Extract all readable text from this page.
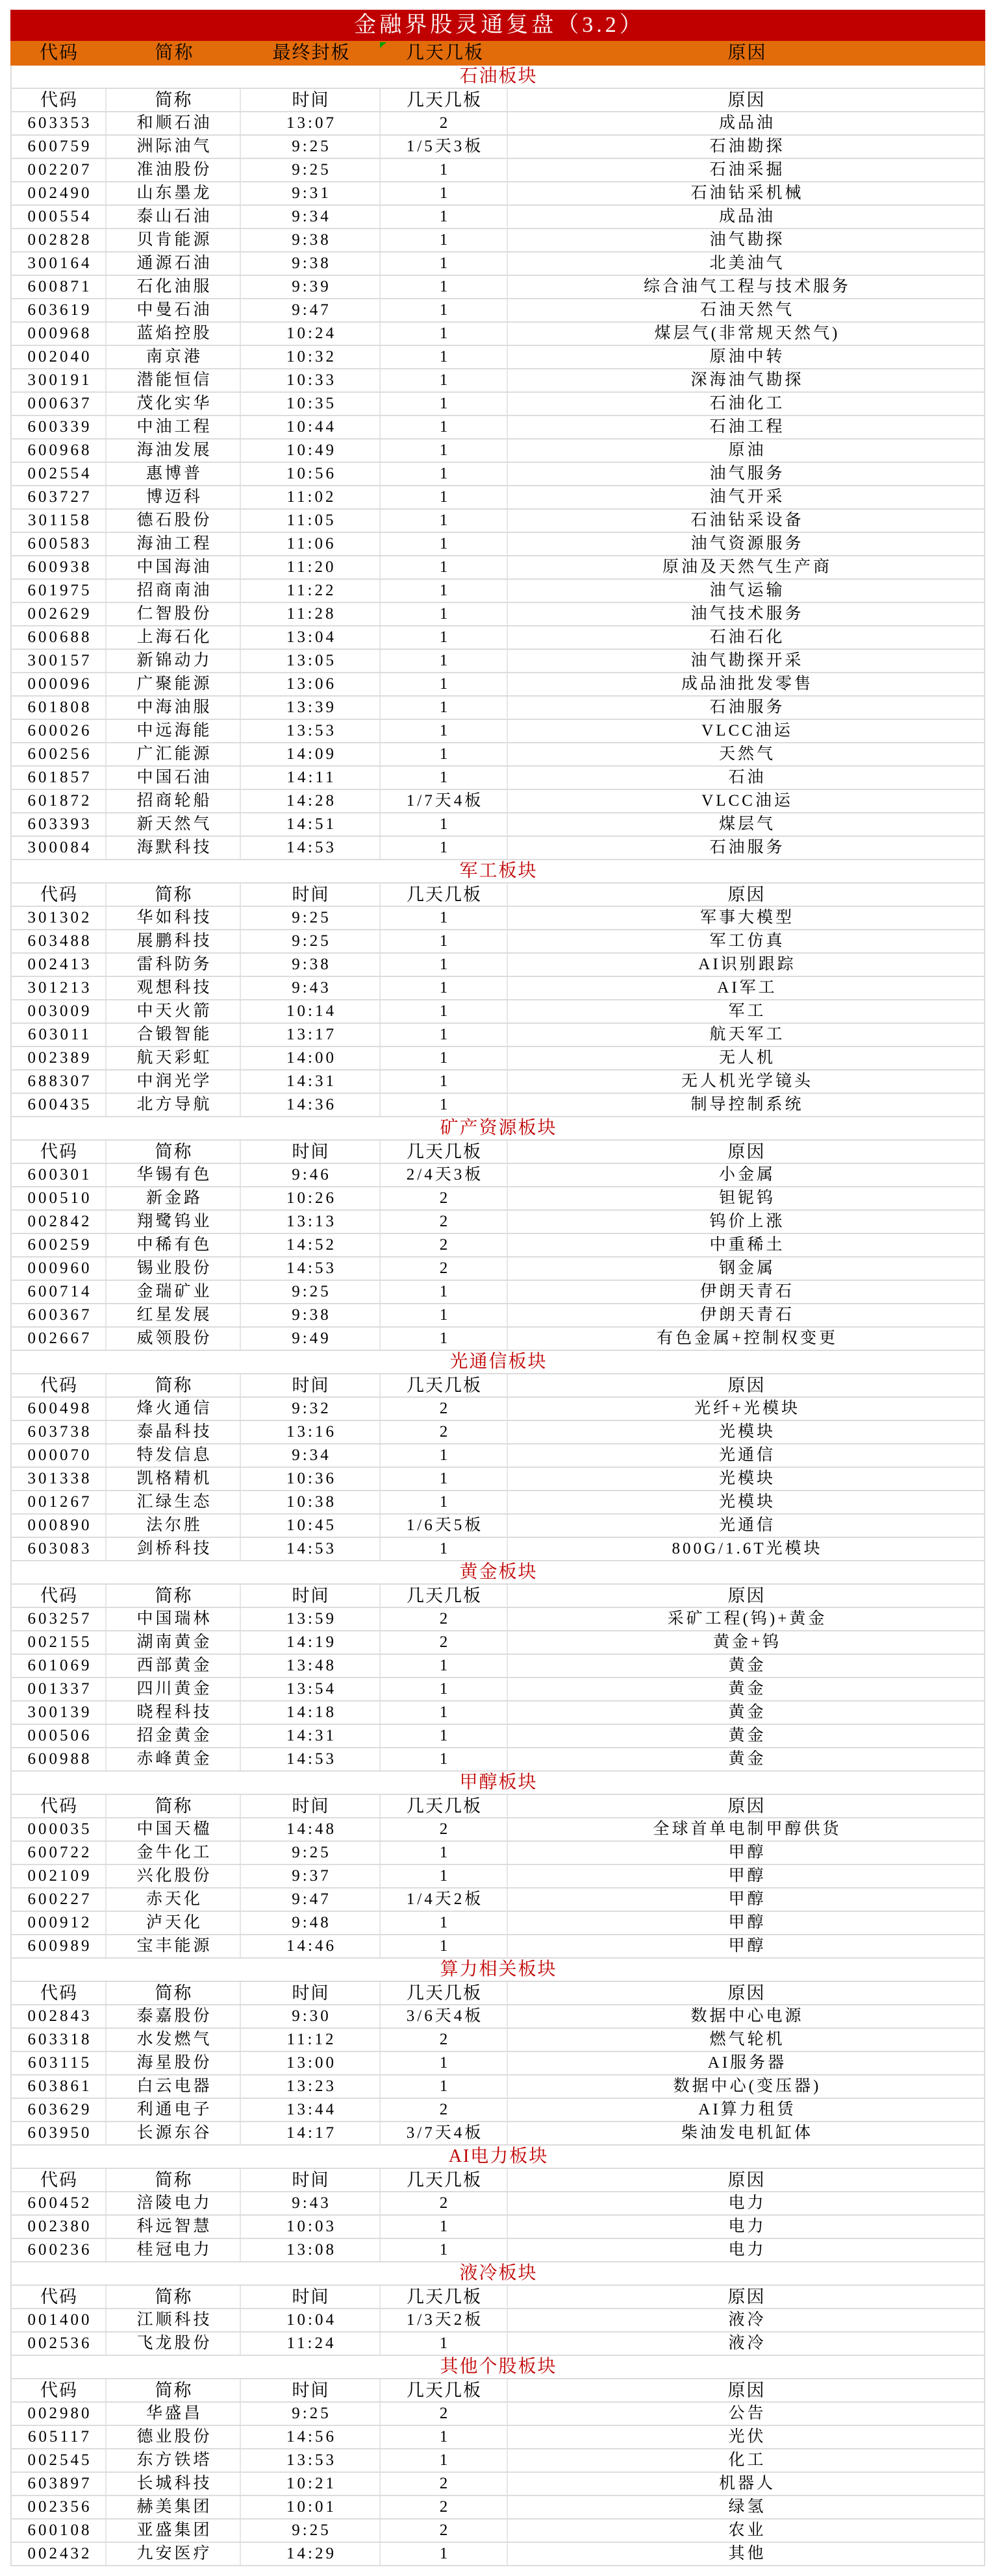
金融界股灵通复盘（3.2）
代码	简称	最终封板	几天几板	原因
石油板块
代码	简称	时间	几天几板	原因
603353	和顺石油	13:07	2	成品油
600759	洲际油气	9:25	1/5天3板	石油勘探
002207	准油股份	9:25	1	石油采掘
002490	山东墨龙	9:31	1	石油钻采机械
000554	泰山石油	9:34	1	成品油
002828	贝肯能源	9:38	1	油气勘探
300164	通源石油	9:38	1	北美油气
600871	石化油服	9:39	1	综合油气工程与技术服务
603619	中曼石油	9:47	1	石油天然气
000968	蓝焰控股	10:24	1	煤层气(非常规天然气)
002040	南京港	10:32	1	原油中转
300191	潜能恒信	10:33	1	深海油气勘探
000637	茂化实华	10:35	1	石油化工
600339	中油工程	10:44	1	石油工程
600968	海油发展	10:49	1	原油
002554	惠博普	10:56	1	油气服务
603727	博迈科	11:02	1	油气开采
301158	德石股份	11:05	1	石油钻采设备
600583	海油工程	11:06	1	油气资源服务
600938	中国海油	11:20	1	原油及天然气生产商
601975	招商南油	11:22	1	油气运输
002629	仁智股份	11:28	1	油气技术服务
600688	上海石化	13:04	1	石油石化
300157	新锦动力	13:05	1	油气勘探开采
000096	广聚能源	13:06	1	成品油批发零售
601808	中海油服	13:39	1	石油服务
600026	中远海能	13:53	1	VLCC油运
600256	广汇能源	14:09	1	天然气
601857	中国石油	14:11	1	石油
601872	招商轮船	14:28	1/7天4板	VLCC油运
603393	新天然气	14:51	1	煤层气
300084	海默科技	14:53	1	石油服务
军工板块
代码	简称	时间	几天几板	原因
301302	华如科技	9:25	1	军事大模型
603488	展鹏科技	9:25	1	军工仿真
002413	雷科防务	9:38	1	AI识别跟踪
301213	观想科技	9:43	1	AI军工
003009	中天火箭	10:14	1	军工
603011	合锻智能	13:17	1	航天军工
002389	航天彩虹	14:00	1	无人机
688307	中润光学	14:31	1	无人机光学镜头
600435	北方导航	14:36	1	制导控制系统
矿产资源板块
代码	简称	时间	几天几板	原因
600301	华锡有色	9:46	2/4天3板	小金属
000510	新金路	10:26	2	钽铌钨
002842	翔鹭钨业	13:13	2	钨价上涨
600259	中稀有色	14:52	2	中重稀土
000960	锡业股份	14:53	2	钢金属
600714	金瑞矿业	9:25	1	伊朗天青石
600367	红星发展	9:38	1	伊朗天青石
002667	威领股份	9:49	1	有色金属+控制权变更
光通信板块
代码	简称	时间	几天几板	原因
600498	烽火通信	9:32	2	光纤+光模块
603738	泰晶科技	13:16	2	光模块
000070	特发信息	9:34	1	光通信
301338	凯格精机	10:36	1	光模块
001267	汇绿生态	10:38	1	光模块
000890	法尔胜	10:45	1/6天5板	光通信
603083	剑桥科技	14:53	1	800G/1.6T光模块
黄金板块
代码	简称	时间	几天几板	原因
603257	中国瑞林	13:59	2	采矿工程(钨)+黄金
002155	湖南黄金	14:19	2	黄金+钨
601069	西部黄金	13:48	1	黄金
001337	四川黄金	13:54	1	黄金
300139	晓程科技	14:18	1	黄金
000506	招金黄金	14:31	1	黄金
600988	赤峰黄金	14:53	1	黄金
甲醇板块
代码	简称	时间	几天几板	原因
000035	中国天楹	14:48	2	全球首单电制甲醇供货
600722	金牛化工	9:25	1	甲醇
002109	兴化股份	9:37	1	甲醇
600227	赤天化	9:47	1/4天2板	甲醇
000912	泸天化	9:48	1	甲醇
600989	宝丰能源	14:46	1	甲醇
算力相关板块
代码	简称	时间	几天几板	原因
002843	泰嘉股份	9:30	3/6天4板	数据中心电源
603318	水发燃气	11:12	2	燃气轮机
603115	海星股份	13:00	1	AI服务器
603861	白云电器	13:23	1	数据中心(变压器)
603629	利通电子	13:44	2	AI算力租赁
603950	长源东谷	14:17	3/7天4板	柴油发电机缸体
AI电力板块
代码	简称	时间	几天几板	原因
600452	涪陵电力	9:43	2	电力
002380	科远智慧	10:03	1	电力
600236	桂冠电力	13:08	1	电力
液冷板块
代码	简称	时间	几天几板	原因
001400	江顺科技	10:04	1/3天2板	液冷
002536	飞龙股份	11:24	1	液冷
其他个股板块
代码	简称	时间	几天几板	原因
002980	华盛昌	9:25	2	公告
605117	德业股份	14:56	1	光伏
002545	东方铁塔	13:53	1	化工
603897	长城科技	10:21	2	机器人
002356	赫美集团	10:01	2	绿氢
600108	亚盛集团	9:25	2	农业
002432	九安医疗	14:29	1	其他
